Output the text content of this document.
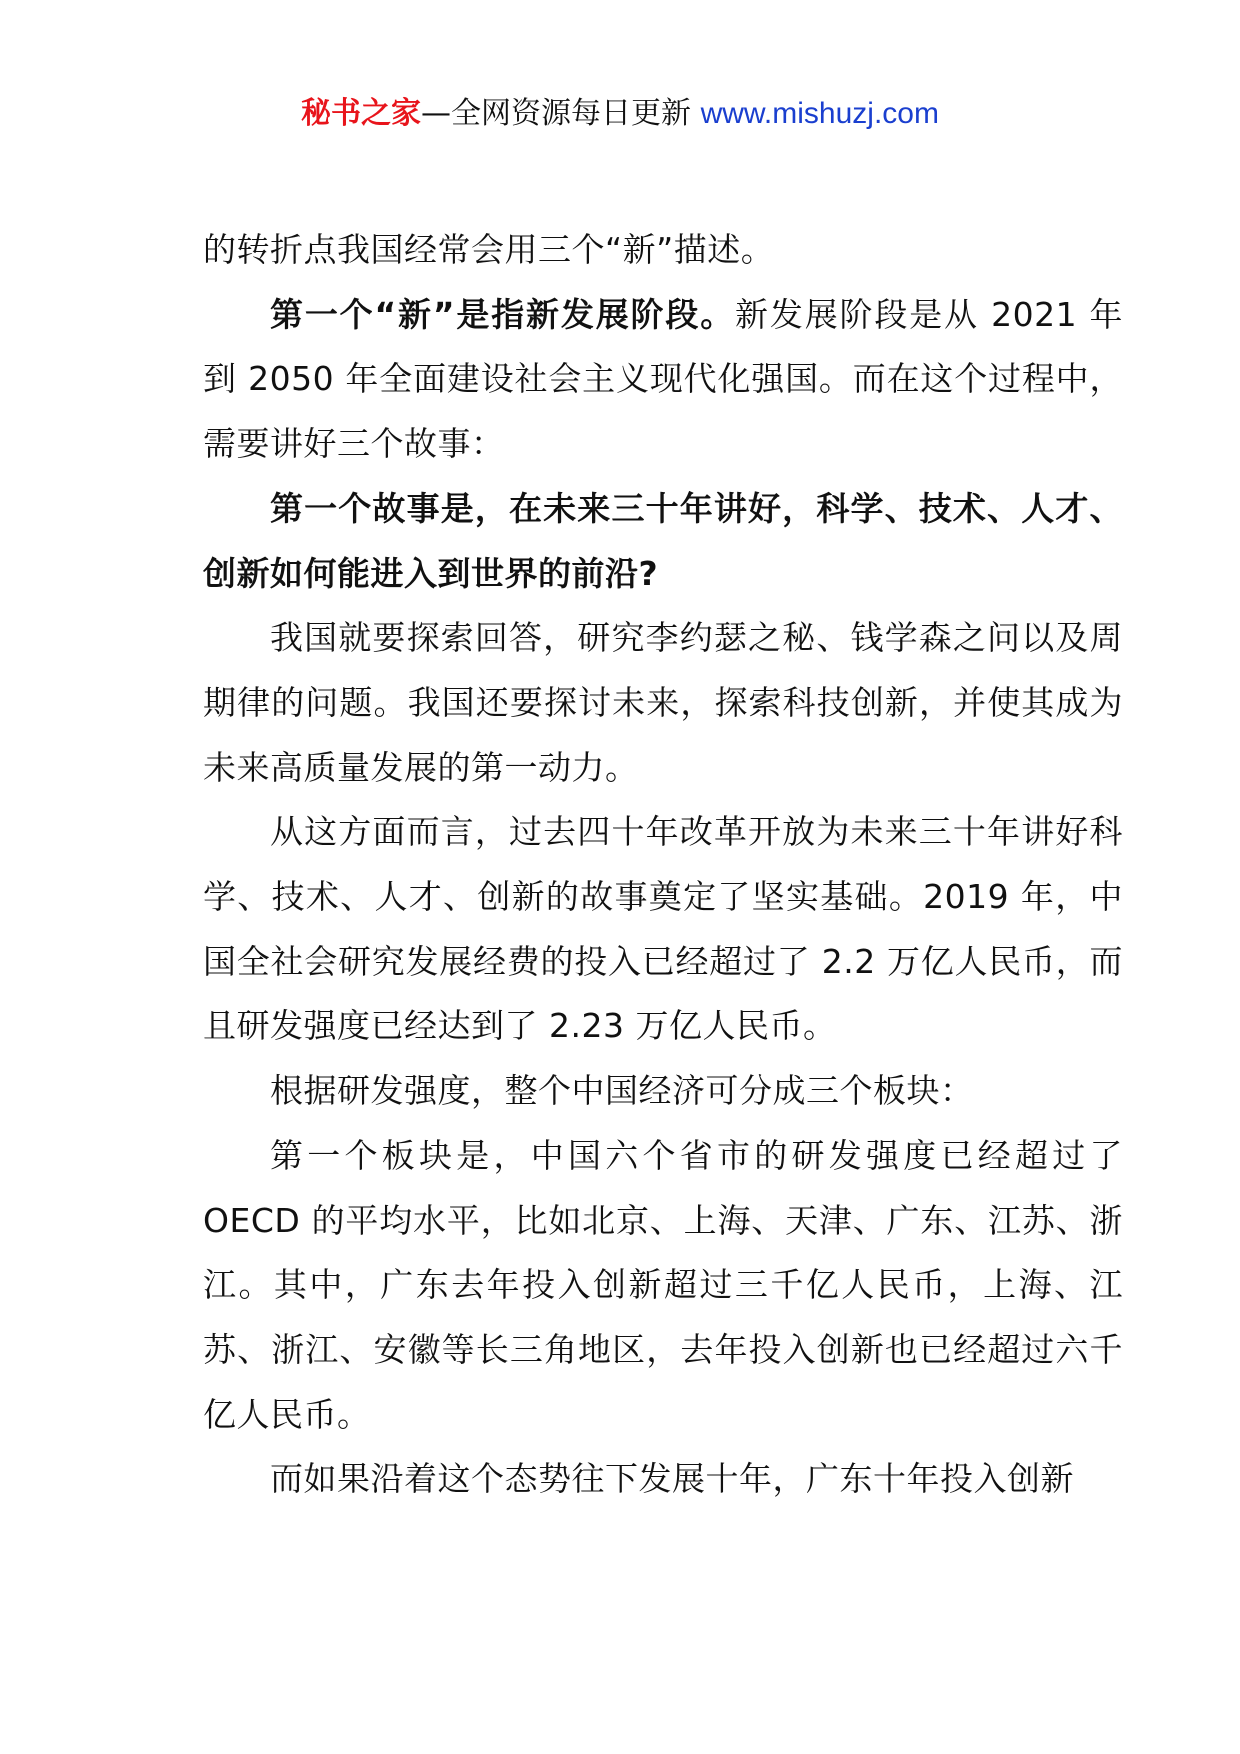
秘书之家—全网资源每日更新 www.mishuzj.com

的转折点我国经常会用三个“新”描述。

第一个“新”是指新发展阶段。新发展阶段是从 2021 年到 2050 年全面建设社会主义现代化强国。而在这个过程中，需要讲好三个故事：

第一个故事是，在未来三十年讲好，科学、技术、人才、创新如何能进入到世界的前沿?

我国就要探索回答，研究李约瑟之秘、钱学森之问以及周期律的问题。我国还要探讨未来，探索科技创新，并使其成为未来高质量发展的第一动力。

从这方面而言，过去四十年改革开放为未来三十年讲好科学、技术、人才、创新的故事奠定了坚实基础。2019 年，中国全社会研究发展经费的投入已经超过了 2.2 万亿人民币，而且研发强度已经达到了 2.23 万亿人民币。

根据研发强度，整个中国经济可分成三个板块：

第一个板块是，中国六个省市的研发强度已经超过了 OECD 的平均水平，比如北京、上海、天津、广东、江苏、浙江。其中，广东去年投入创新超过三千亿人民币，上海、江苏、浙江、安徽等长三角地区，去年投入创新也已经超过六千亿人民币。

而如果沿着这个态势往下发展十年，广东十年投入创新
